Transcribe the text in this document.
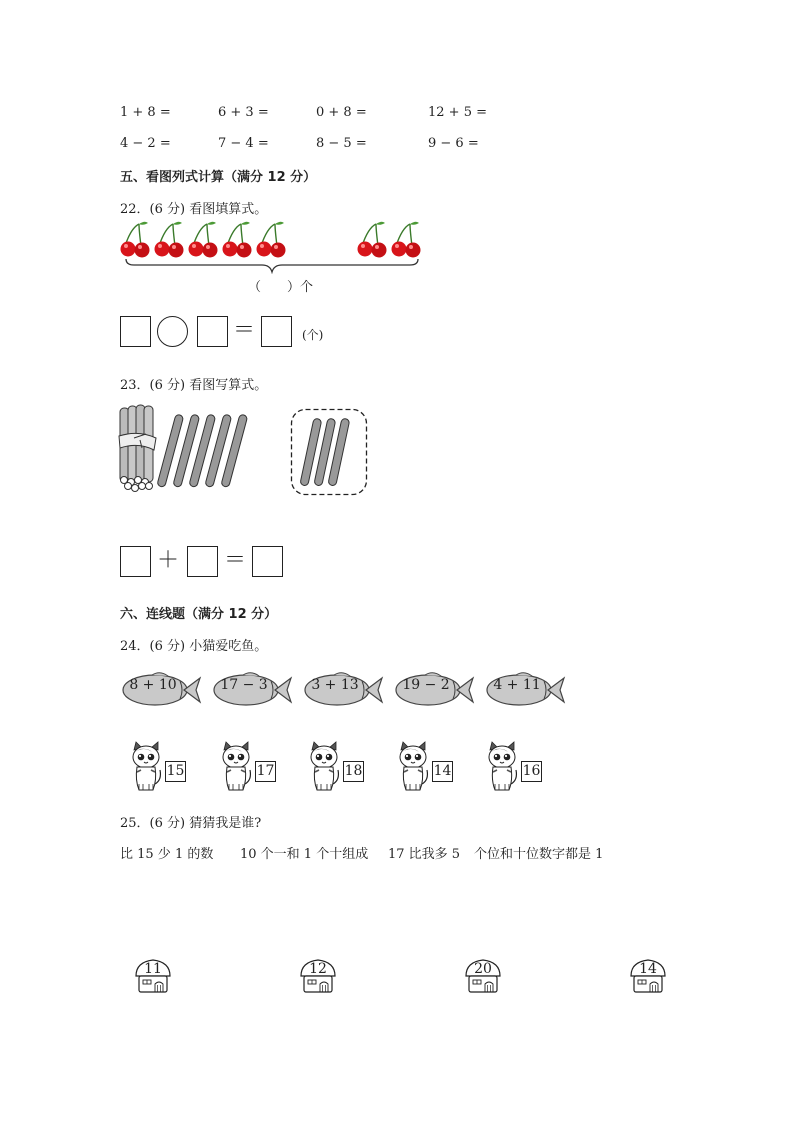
1 + 8 =	6 + 3 =	0 + 8 =	12 + 5 =
4 − 2 =	7 − 4 =	8 − 5 =	9 − 6 =
五、看图列式计算（满分 12 分）
22．(6 分) 看图填算式。
（　　）个
＝	(个)
23．(6 分) 看图写算式。
＋ ＝
六、连线题（满分 12 分）
24．(6 分) 小猫爱吃鱼。
8 + 10	17 − 3	3 + 13	19 − 2	4 + 11
15	17	18	14	16
25．(6 分) 猜猜我是谁?
比 15 少 1 的数 10 个一和 1 个十组成 17 比我多 5 个位和十位数字都是 1
11	12	20	14
